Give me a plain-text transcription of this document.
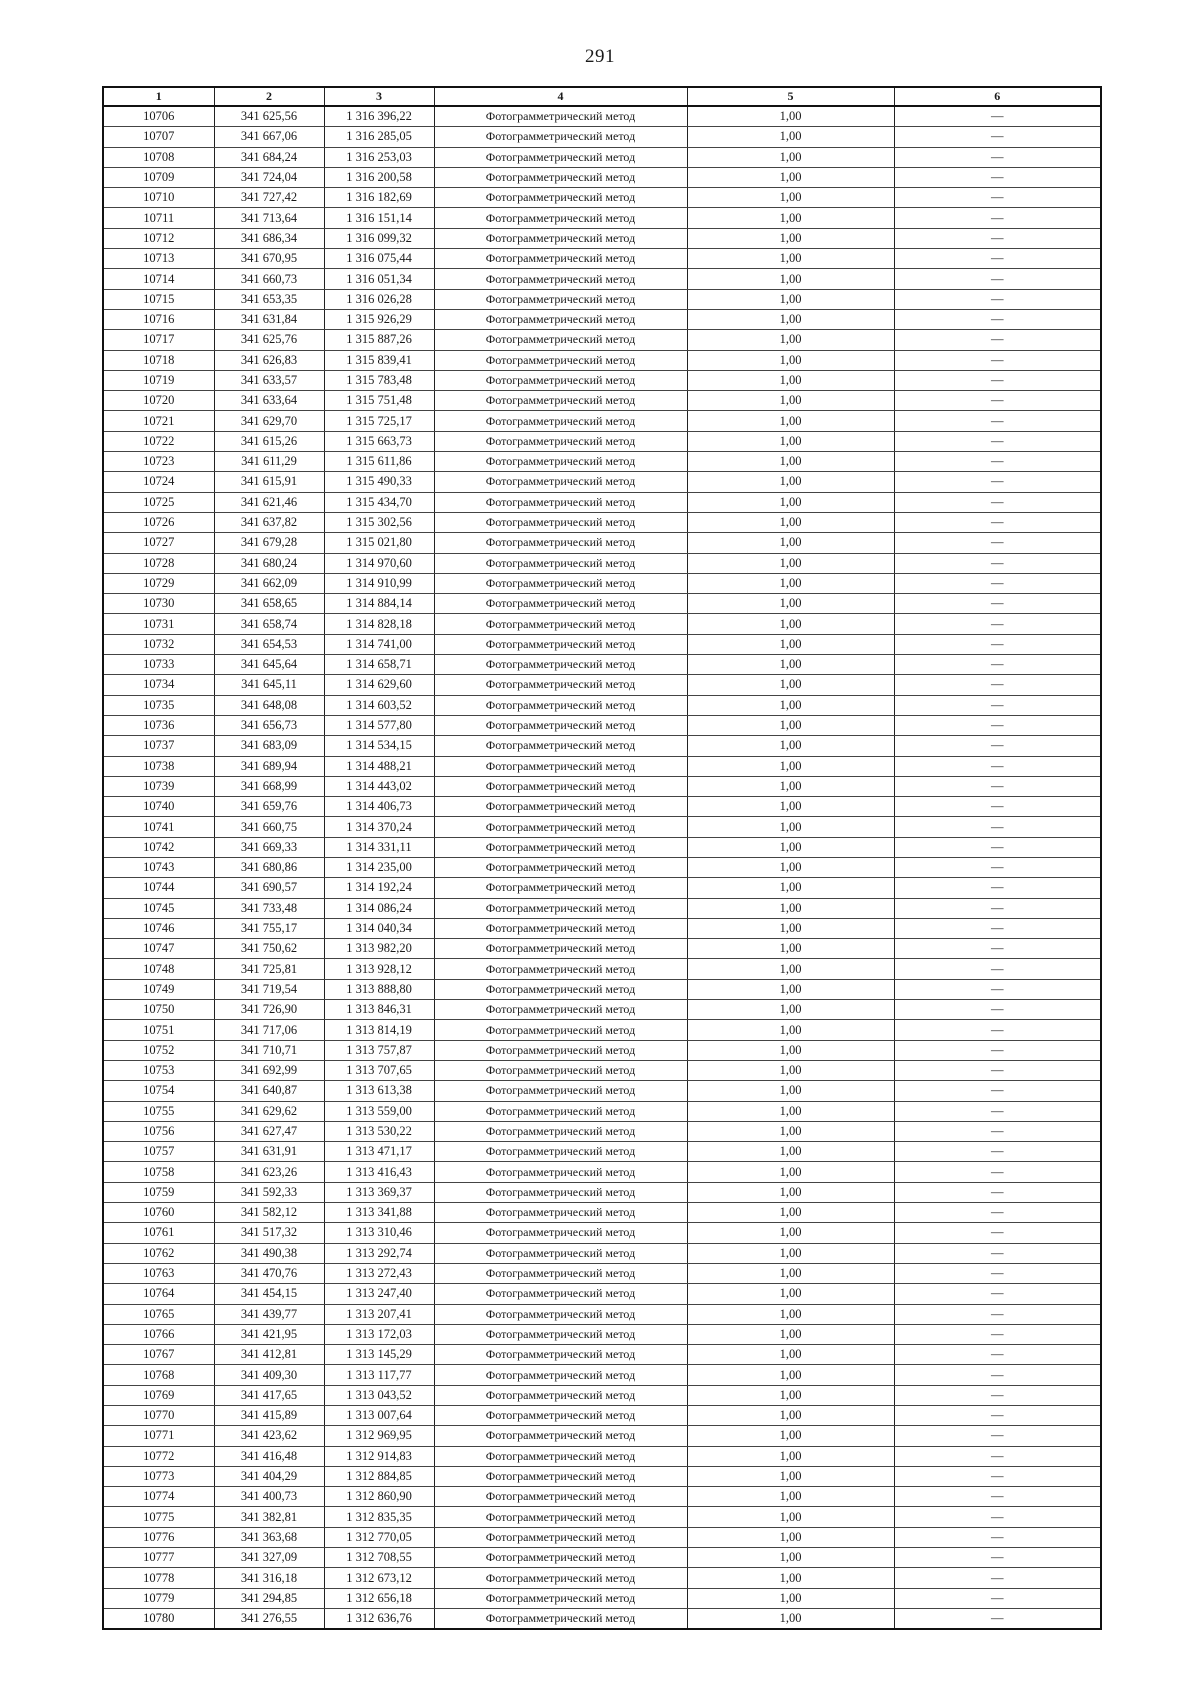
291
1	2	3	4	5	6
10706	341 625,56	1 316 396,22	Фотограмметрический метод	1,00	—
10707	341 667,06	1 316 285,05	Фотограмметрический метод	1,00	—
10708	341 684,24	1 316 253,03	Фотограмметрический метод	1,00	—
10709	341 724,04	1 316 200,58	Фотограмметрический метод	1,00	—
10710	341 727,42	1 316 182,69	Фотограмметрический метод	1,00	—
10711	341 713,64	1 316 151,14	Фотограмметрический метод	1,00	—
10712	341 686,34	1 316 099,32	Фотограмметрический метод	1,00	—
10713	341 670,95	1 316 075,44	Фотограмметрический метод	1,00	—
10714	341 660,73	1 316 051,34	Фотограмметрический метод	1,00	—
10715	341 653,35	1 316 026,28	Фотограмметрический метод	1,00	—
10716	341 631,84	1 315 926,29	Фотограмметрический метод	1,00	—
10717	341 625,76	1 315 887,26	Фотограмметрический метод	1,00	—
10718	341 626,83	1 315 839,41	Фотограмметрический метод	1,00	—
10719	341 633,57	1 315 783,48	Фотограмметрический метод	1,00	—
10720	341 633,64	1 315 751,48	Фотограмметрический метод	1,00	—
10721	341 629,70	1 315 725,17	Фотограмметрический метод	1,00	—
10722	341 615,26	1 315 663,73	Фотограмметрический метод	1,00	—
10723	341 611,29	1 315 611,86	Фотограмметрический метод	1,00	—
10724	341 615,91	1 315 490,33	Фотограмметрический метод	1,00	—
10725	341 621,46	1 315 434,70	Фотограмметрический метод	1,00	—
10726	341 637,82	1 315 302,56	Фотограмметрический метод	1,00	—
10727	341 679,28	1 315 021,80	Фотограмметрический метод	1,00	—
10728	341 680,24	1 314 970,60	Фотограмметрический метод	1,00	—
10729	341 662,09	1 314 910,99	Фотограмметрический метод	1,00	—
10730	341 658,65	1 314 884,14	Фотограмметрический метод	1,00	—
10731	341 658,74	1 314 828,18	Фотограмметрический метод	1,00	—
10732	341 654,53	1 314 741,00	Фотограмметрический метод	1,00	—
10733	341 645,64	1 314 658,71	Фотограмметрический метод	1,00	—
10734	341 645,11	1 314 629,60	Фотограмметрический метод	1,00	—
10735	341 648,08	1 314 603,52	Фотограмметрический метод	1,00	—
10736	341 656,73	1 314 577,80	Фотограмметрический метод	1,00	—
10737	341 683,09	1 314 534,15	Фотограмметрический метод	1,00	—
10738	341 689,94	1 314 488,21	Фотограмметрический метод	1,00	—
10739	341 668,99	1 314 443,02	Фотограмметрический метод	1,00	—
10740	341 659,76	1 314 406,73	Фотограмметрический метод	1,00	—
10741	341 660,75	1 314 370,24	Фотограмметрический метод	1,00	—
10742	341 669,33	1 314 331,11	Фотограмметрический метод	1,00	—
10743	341 680,86	1 314 235,00	Фотограмметрический метод	1,00	—
10744	341 690,57	1 314 192,24	Фотограмметрический метод	1,00	—
10745	341 733,48	1 314 086,24	Фотограмметрический метод	1,00	—
10746	341 755,17	1 314 040,34	Фотограмметрический метод	1,00	—
10747	341 750,62	1 313 982,20	Фотограмметрический метод	1,00	—
10748	341 725,81	1 313 928,12	Фотограмметрический метод	1,00	—
10749	341 719,54	1 313 888,80	Фотограмметрический метод	1,00	—
10750	341 726,90	1 313 846,31	Фотограмметрический метод	1,00	—
10751	341 717,06	1 313 814,19	Фотограмметрический метод	1,00	—
10752	341 710,71	1 313 757,87	Фотограмметрический метод	1,00	—
10753	341 692,99	1 313 707,65	Фотограмметрический метод	1,00	—
10754	341 640,87	1 313 613,38	Фотограмметрический метод	1,00	—
10755	341 629,62	1 313 559,00	Фотограмметрический метод	1,00	—
10756	341 627,47	1 313 530,22	Фотограмметрический метод	1,00	—
10757	341 631,91	1 313 471,17	Фотограмметрический метод	1,00	—
10758	341 623,26	1 313 416,43	Фотограмметрический метод	1,00	—
10759	341 592,33	1 313 369,37	Фотограмметрический метод	1,00	—
10760	341 582,12	1 313 341,88	Фотограмметрический метод	1,00	—
10761	341 517,32	1 313 310,46	Фотограмметрический метод	1,00	—
10762	341 490,38	1 313 292,74	Фотограмметрический метод	1,00	—
10763	341 470,76	1 313 272,43	Фотограмметрический метод	1,00	—
10764	341 454,15	1 313 247,40	Фотограмметрический метод	1,00	—
10765	341 439,77	1 313 207,41	Фотограмметрический метод	1,00	—
10766	341 421,95	1 313 172,03	Фотограмметрический метод	1,00	—
10767	341 412,81	1 313 145,29	Фотограмметрический метод	1,00	—
10768	341 409,30	1 313 117,77	Фотограмметрический метод	1,00	—
10769	341 417,65	1 313 043,52	Фотограмметрический метод	1,00	—
10770	341 415,89	1 313 007,64	Фотограмметрический метод	1,00	—
10771	341 423,62	1 312 969,95	Фотограмметрический метод	1,00	—
10772	341 416,48	1 312 914,83	Фотограмметрический метод	1,00	—
10773	341 404,29	1 312 884,85	Фотограмметрический метод	1,00	—
10774	341 400,73	1 312 860,90	Фотограмметрический метод	1,00	—
10775	341 382,81	1 312 835,35	Фотограмметрический метод	1,00	—
10776	341 363,68	1 312 770,05	Фотограмметрический метод	1,00	—
10777	341 327,09	1 312 708,55	Фотограмметрический метод	1,00	—
10778	341 316,18	1 312 673,12	Фотограмметрический метод	1,00	—
10779	341 294,85	1 312 656,18	Фотограмметрический метод	1,00	—
10780	341 276,55	1 312 636,76	Фотограмметрический метод	1,00	—
